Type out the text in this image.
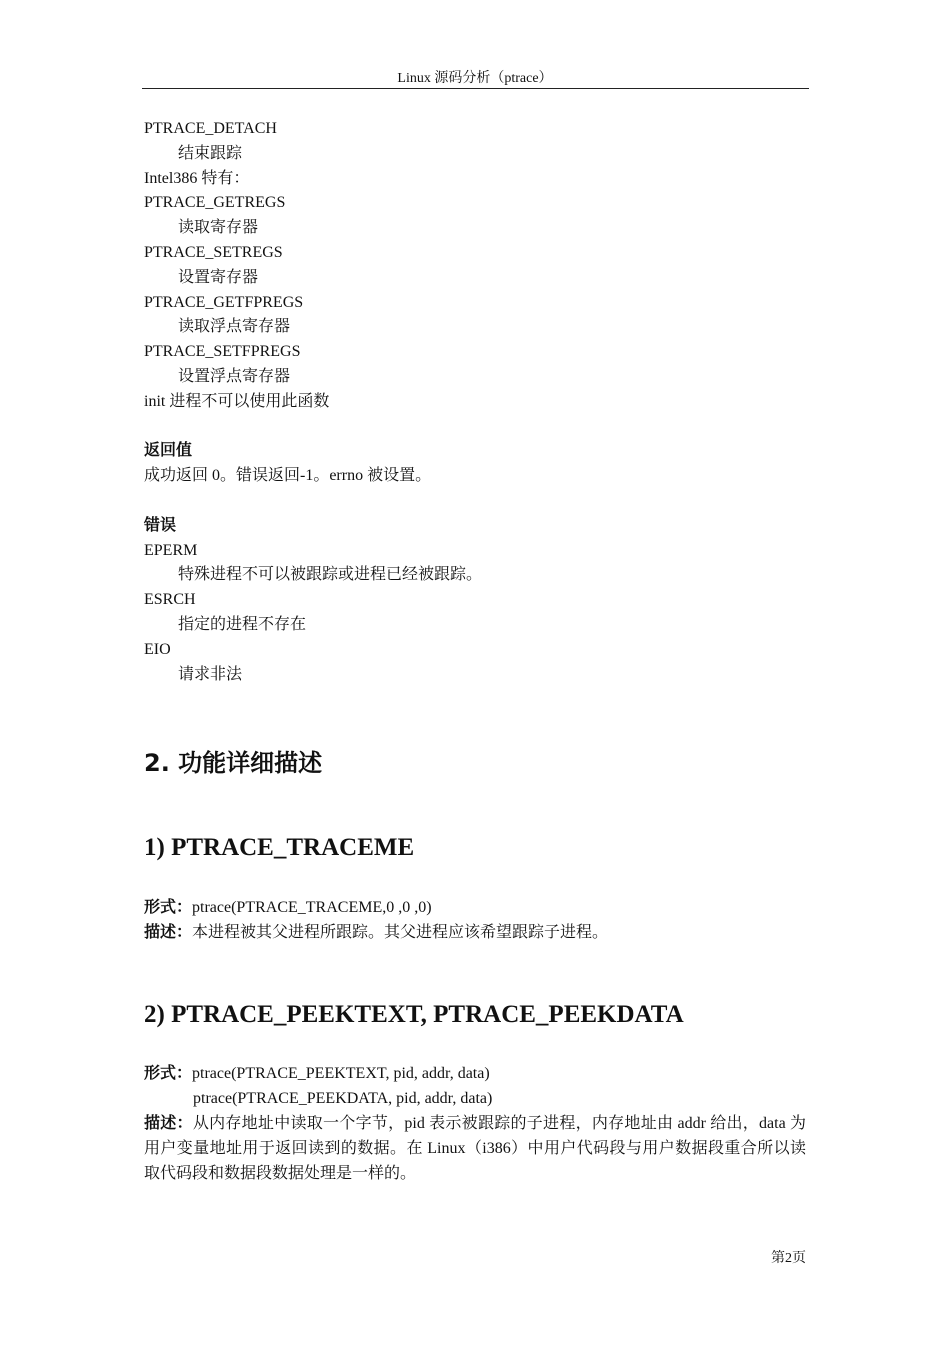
Linux 源码分析（ptrace）
PTRACE_DETACH
结束跟踪
Intel386 特有：
PTRACE_GETREGS
读取寄存器
PTRACE_SETREGS
设置寄存器
PTRACE_GETFPREGS
读取浮点寄存器
PTRACE_SETFPREGS
设置浮点寄存器
init 进程不可以使用此函数
返回值
成功返回 0。错误返回-1。errno 被设置。
错误
EPERM
特殊进程不可以被跟踪或进程已经被跟踪。
ESRCH
指定的进程不存在
EIO
请求非法
2. 功能详细描述
1) PTRACE_TRACEME
形式：ptrace(PTRACE_TRACEME,0 ,0 ,0)
描述：本进程被其父进程所跟踪。其父进程应该希望跟踪子进程。
2) PTRACE_PEEKTEXT, PTRACE_PEEKDATA
形式：ptrace(PTRACE_PEEKTEXT, pid, addr, data)
ptrace(PTRACE_PEEKDATA, pid, addr, data)
描述：从内存地址中读取一个字节，pid 表示被跟踪的子进程，内存地址由 addr 给出，data 为用户变量地址用于返回读到的数据。在 Linux（i386）中用户代码段与用户数据段重合所以读取代码段和数据段数据处理是一样的。
第2页
